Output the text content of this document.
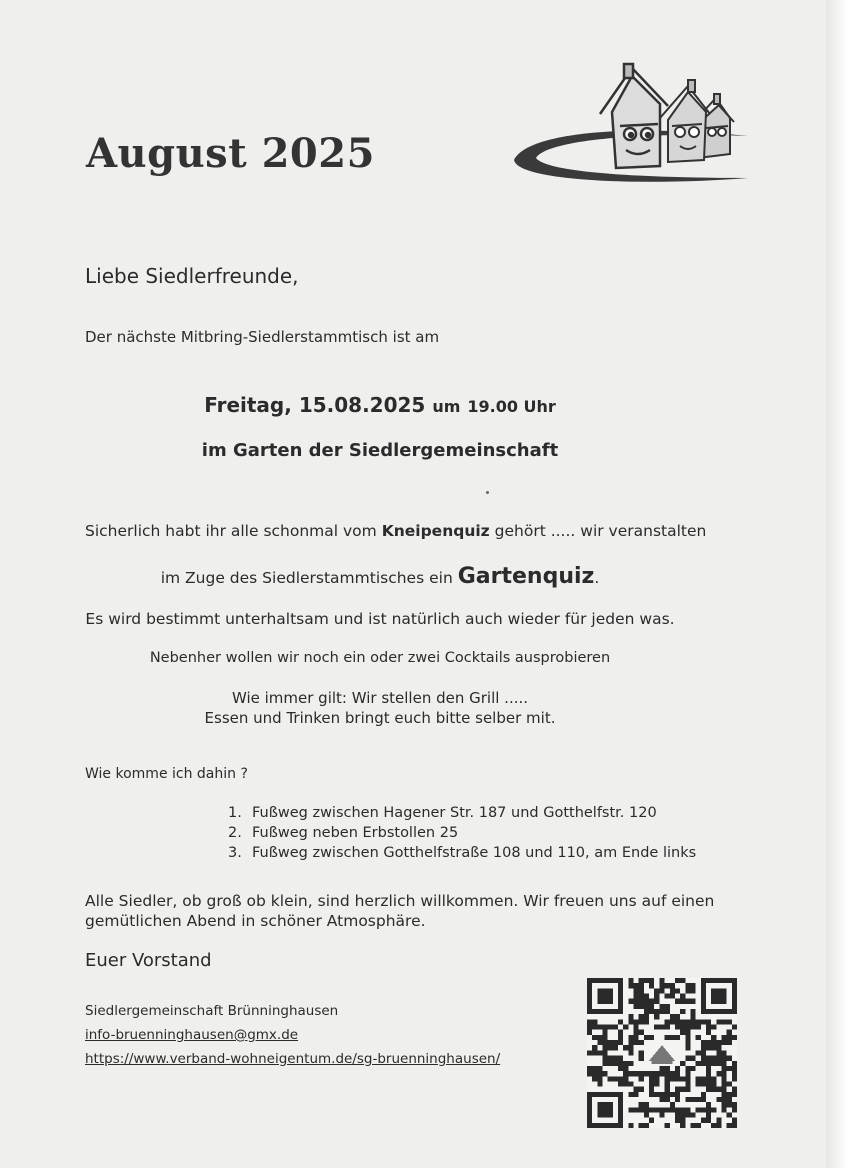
August 2025

Liebe Siedlerfreunde,

Der nächste Mitbring-Siedlerstammtisch ist am

Freitag, 15.08.2025 um 19.00 Uhr

im Garten der Siedlergemeinschaft

Sicherlich habt ihr alle schonmal vom Kneipenquiz gehört ..... wir veranstalten

im Zuge des Siedlerstammtisches ein Gartenquiz.

Es wird bestimmt unterhaltsam und ist natürlich auch wieder für jeden was.

Nebenher wollen wir noch ein oder zwei Cocktails ausprobieren

Wie immer gilt: Wir stellen den Grill .....
Essen und Trinken bringt euch bitte selber mit.

Wie komme ich dahin ?

1. Fußweg zwischen Hagener Str. 187 und Gotthelfstr. 120
2. Fußweg neben Erbstollen 25
3. Fußweg zwischen Gotthelfstraße 108 und 110, am Ende links

Alle Siedler, ob groß ob klein, sind herzlich willkommen. Wir freuen uns auf einen gemütlichen Abend in schöner Atmosphäre.

Euer Vorstand

Siedlergemeinschaft Brünninghausen
info-bruenninghausen@gmx.de
https://www.verband-wohneigentum.de/sg-bruenninghausen/
